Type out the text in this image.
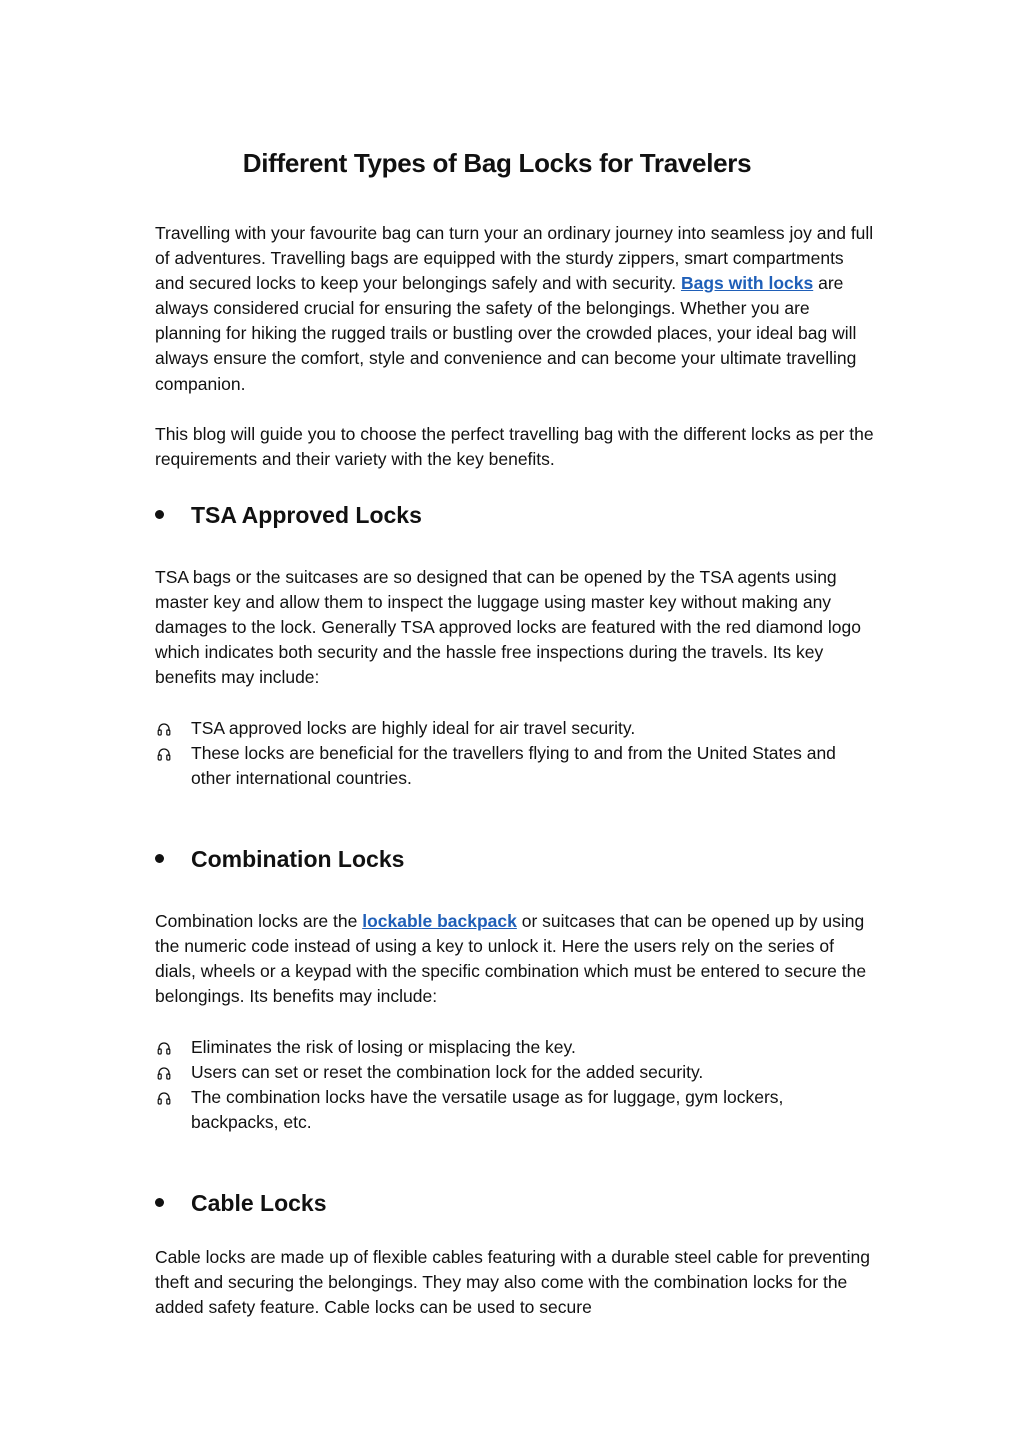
Different Types of Bag Locks for Travelers

Travelling with your favourite bag can turn your an ordinary journey into seamless joy and full of adventures. Travelling bags are equipped with the sturdy zippers, smart compartments and secured locks to keep your belongings safely and with security. Bags with locks are always considered crucial for ensuring the safety of the belongings. Whether you are planning for hiking the rugged trails or bustling over the crowded places, your ideal bag will always ensure the comfort, style and convenience and can become your ultimate travelling companion.

This blog will guide you to choose the perfect travelling bag with the different locks as per the requirements and their variety with the key benefits.

TSA Approved Locks

TSA bags or the suitcases are so designed that can be opened by the TSA agents using master key and allow them to inspect the luggage using master key without making any damages to the lock. Generally TSA approved locks are featured with the red diamond logo which indicates both security and the hassle free inspections during the travels. Its key benefits may include:

TSA approved locks are highly ideal for air travel security.
These locks are beneficial for the travellers flying to and from the United States and other international countries.
Combination Locks

Combination locks are the lockable backpack or suitcases that can be opened up by using the numeric code instead of using a key to unlock it. Here the users rely on the series of dials, wheels or a keypad with the specific combination which must be entered to secure the belongings. Its benefits may include:

Eliminates the risk of losing or misplacing the key.
Users can set or reset the combination lock for the added security.
The combination locks have the versatile usage as for luggage, gym lockers, backpacks, etc.
Cable Locks

Cable locks are made up of flexible cables featuring with a durable steel cable for preventing theft and securing the belongings. They may also come with the combination locks for the added safety feature. Cable locks can be used to secure
